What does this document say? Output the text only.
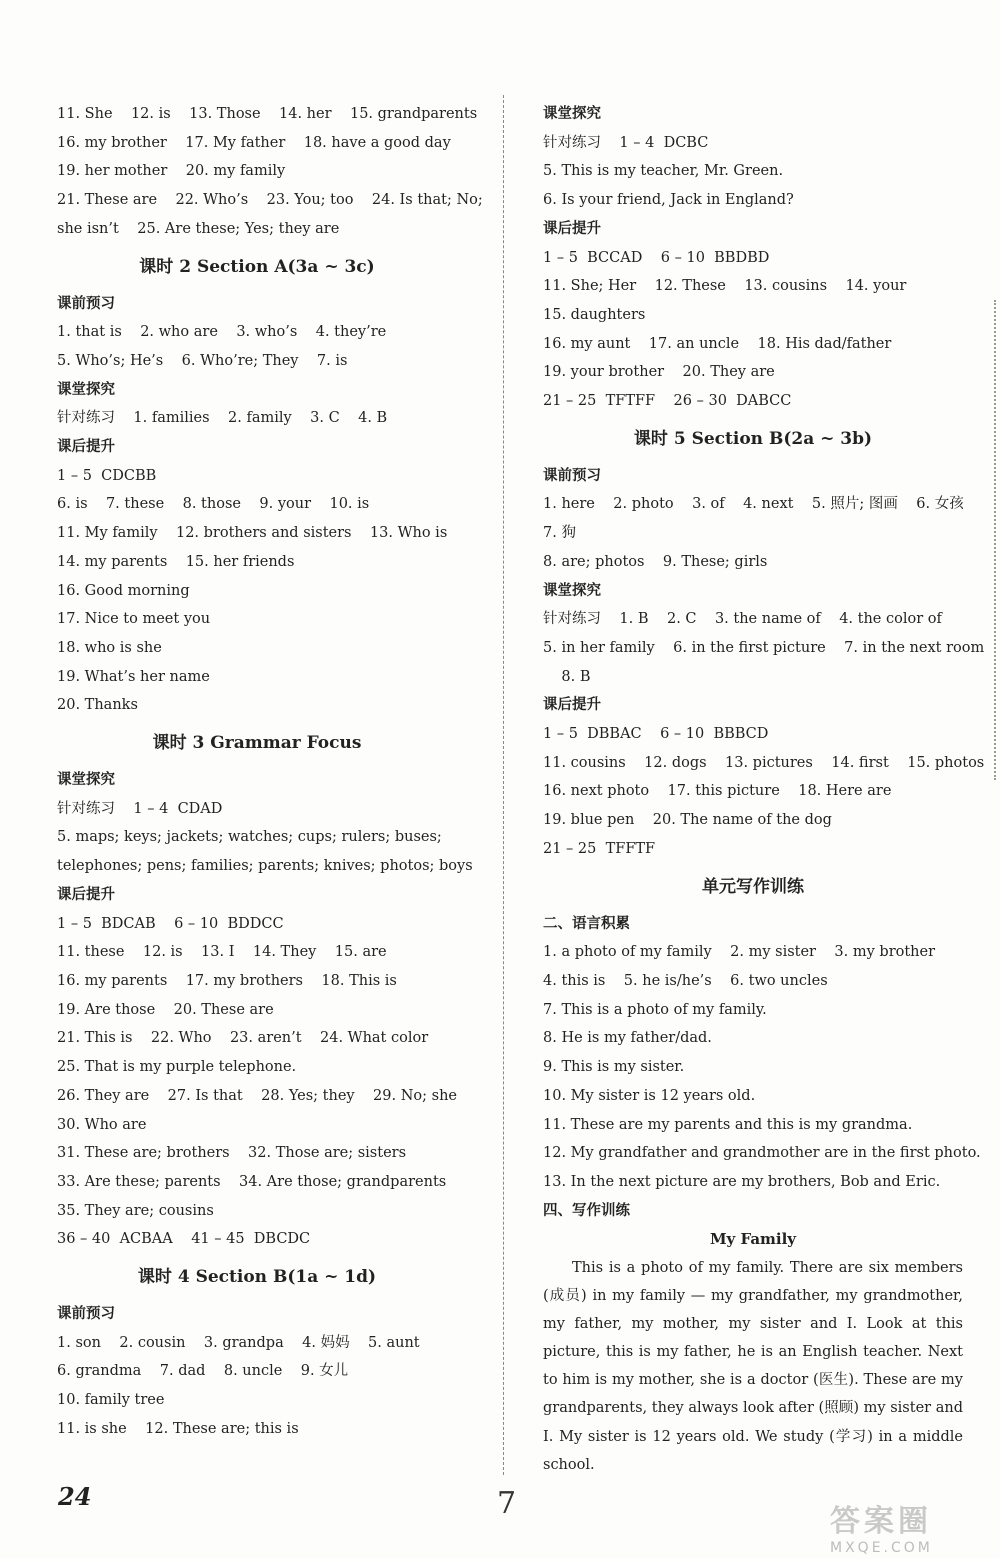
11. She    12. is    13. Those    14. her    15. grandparents
16. my brother    17. My father    18. have a good day
19. her mother    20. my family
21. These are    22. Who’s    23. You; too    24. Is that; No;
she isn’t    25. Are these; Yes; they are
课时 2 Section A(3a ~ 3c)
课前预习
1. that is    2. who are    3. who’s    4. they’re
5. Who’s; He’s    6. Who’re; They    7. is
课堂探究
针对练习    1. families    2. family    3. C    4. B
课后提升
1 – 5  CDCBB
6. is    7. these    8. those    9. your    10. is
11. My family    12. brothers and sisters    13. Who is
14. my parents    15. her friends
16. Good morning
17. Nice to meet you
18. who is she
19. What’s her name
20. Thanks
课时 3 Grammar Focus
课堂探究
针对练习    1 – 4  CDAD
5. maps; keys; jackets; watches; cups; rulers; buses;
telephones; pens; families; parents; knives; photos; boys
课后提升
1 – 5  BDCAB    6 – 10  BDDCC
11. these    12. is    13. I    14. They    15. are
16. my parents    17. my brothers    18. This is
19. Are those    20. These are
21. This is    22. Who    23. aren’t    24. What color
25. That is my purple telephone.
26. They are    27. Is that    28. Yes; they    29. No; she
30. Who are
31. These are; brothers    32. Those are; sisters
33. Are these; parents    34. Are those; grandparents
35. They are; cousins
36 – 40  ACBAA    41 – 45  DBCDC
课时 4 Section B(1a ~ 1d)
课前预习
1. son    2. cousin    3. grandpa    4. 妈妈    5. aunt
6. grandma    7. dad    8. uncle    9. 女儿
10. family tree
11. is she    12. These are; this is
课堂探究
针对练习    1 – 4  DCBC
5. This is my teacher, Mr. Green.
6. Is your friend, Jack in England?
课后提升
1 – 5  BCCAD    6 – 10  BBDBD
11. She; Her    12. These    13. cousins    14. your
15. daughters
16. my aunt    17. an uncle    18. His dad/father
19. your brother    20. They are
21 – 25  TFTFF    26 – 30  DABCC
课时 5 Section B(2a ~ 3b)
课前预习
1. here    2. photo    3. of    4. next    5. 照片; 图画    6. 女孩
7. 狗
8. are; photos    9. These; girls
课堂探究
针对练习    1. B    2. C    3. the name of    4. the color of
5. in her family    6. in the first picture    7. in the next room
8. B
课后提升
1 – 5  DBBAC    6 – 10  BBBCD
11. cousins    12. dogs    13. pictures    14. first    15. photos
16. next photo    17. this picture    18. Here are
19. blue pen    20. The name of the dog
21 – 25  TFFTF
单元写作训练
二、语言积累
1. a photo of my family    2. my sister    3. my brother
4. this is    5. he is/he’s    6. two uncles
7. This is a photo of my family.
8. He is my father/dad.
9. This is my sister.
10. My sister is 12 years old.
11. These are my parents and this is my grandma.
12. My grandfather and grandmother are in the first photo.
13. In the next picture are my brothers, Bob and Eric.
四、写作训练
My Family
This is a photo of my family. There are six members (成员) in my family — my grandfather, my grandmother, my father, my mother, my sister and I. Look at this picture, this is my father, he is an English teacher. Next to him is my mother, she is a doctor (医生). These are my grandparents, they always look after (照顾) my sister and I. My sister is 12 years old. We study (学习) in a middle school.
24	7
答案圈
MXQE.COM
